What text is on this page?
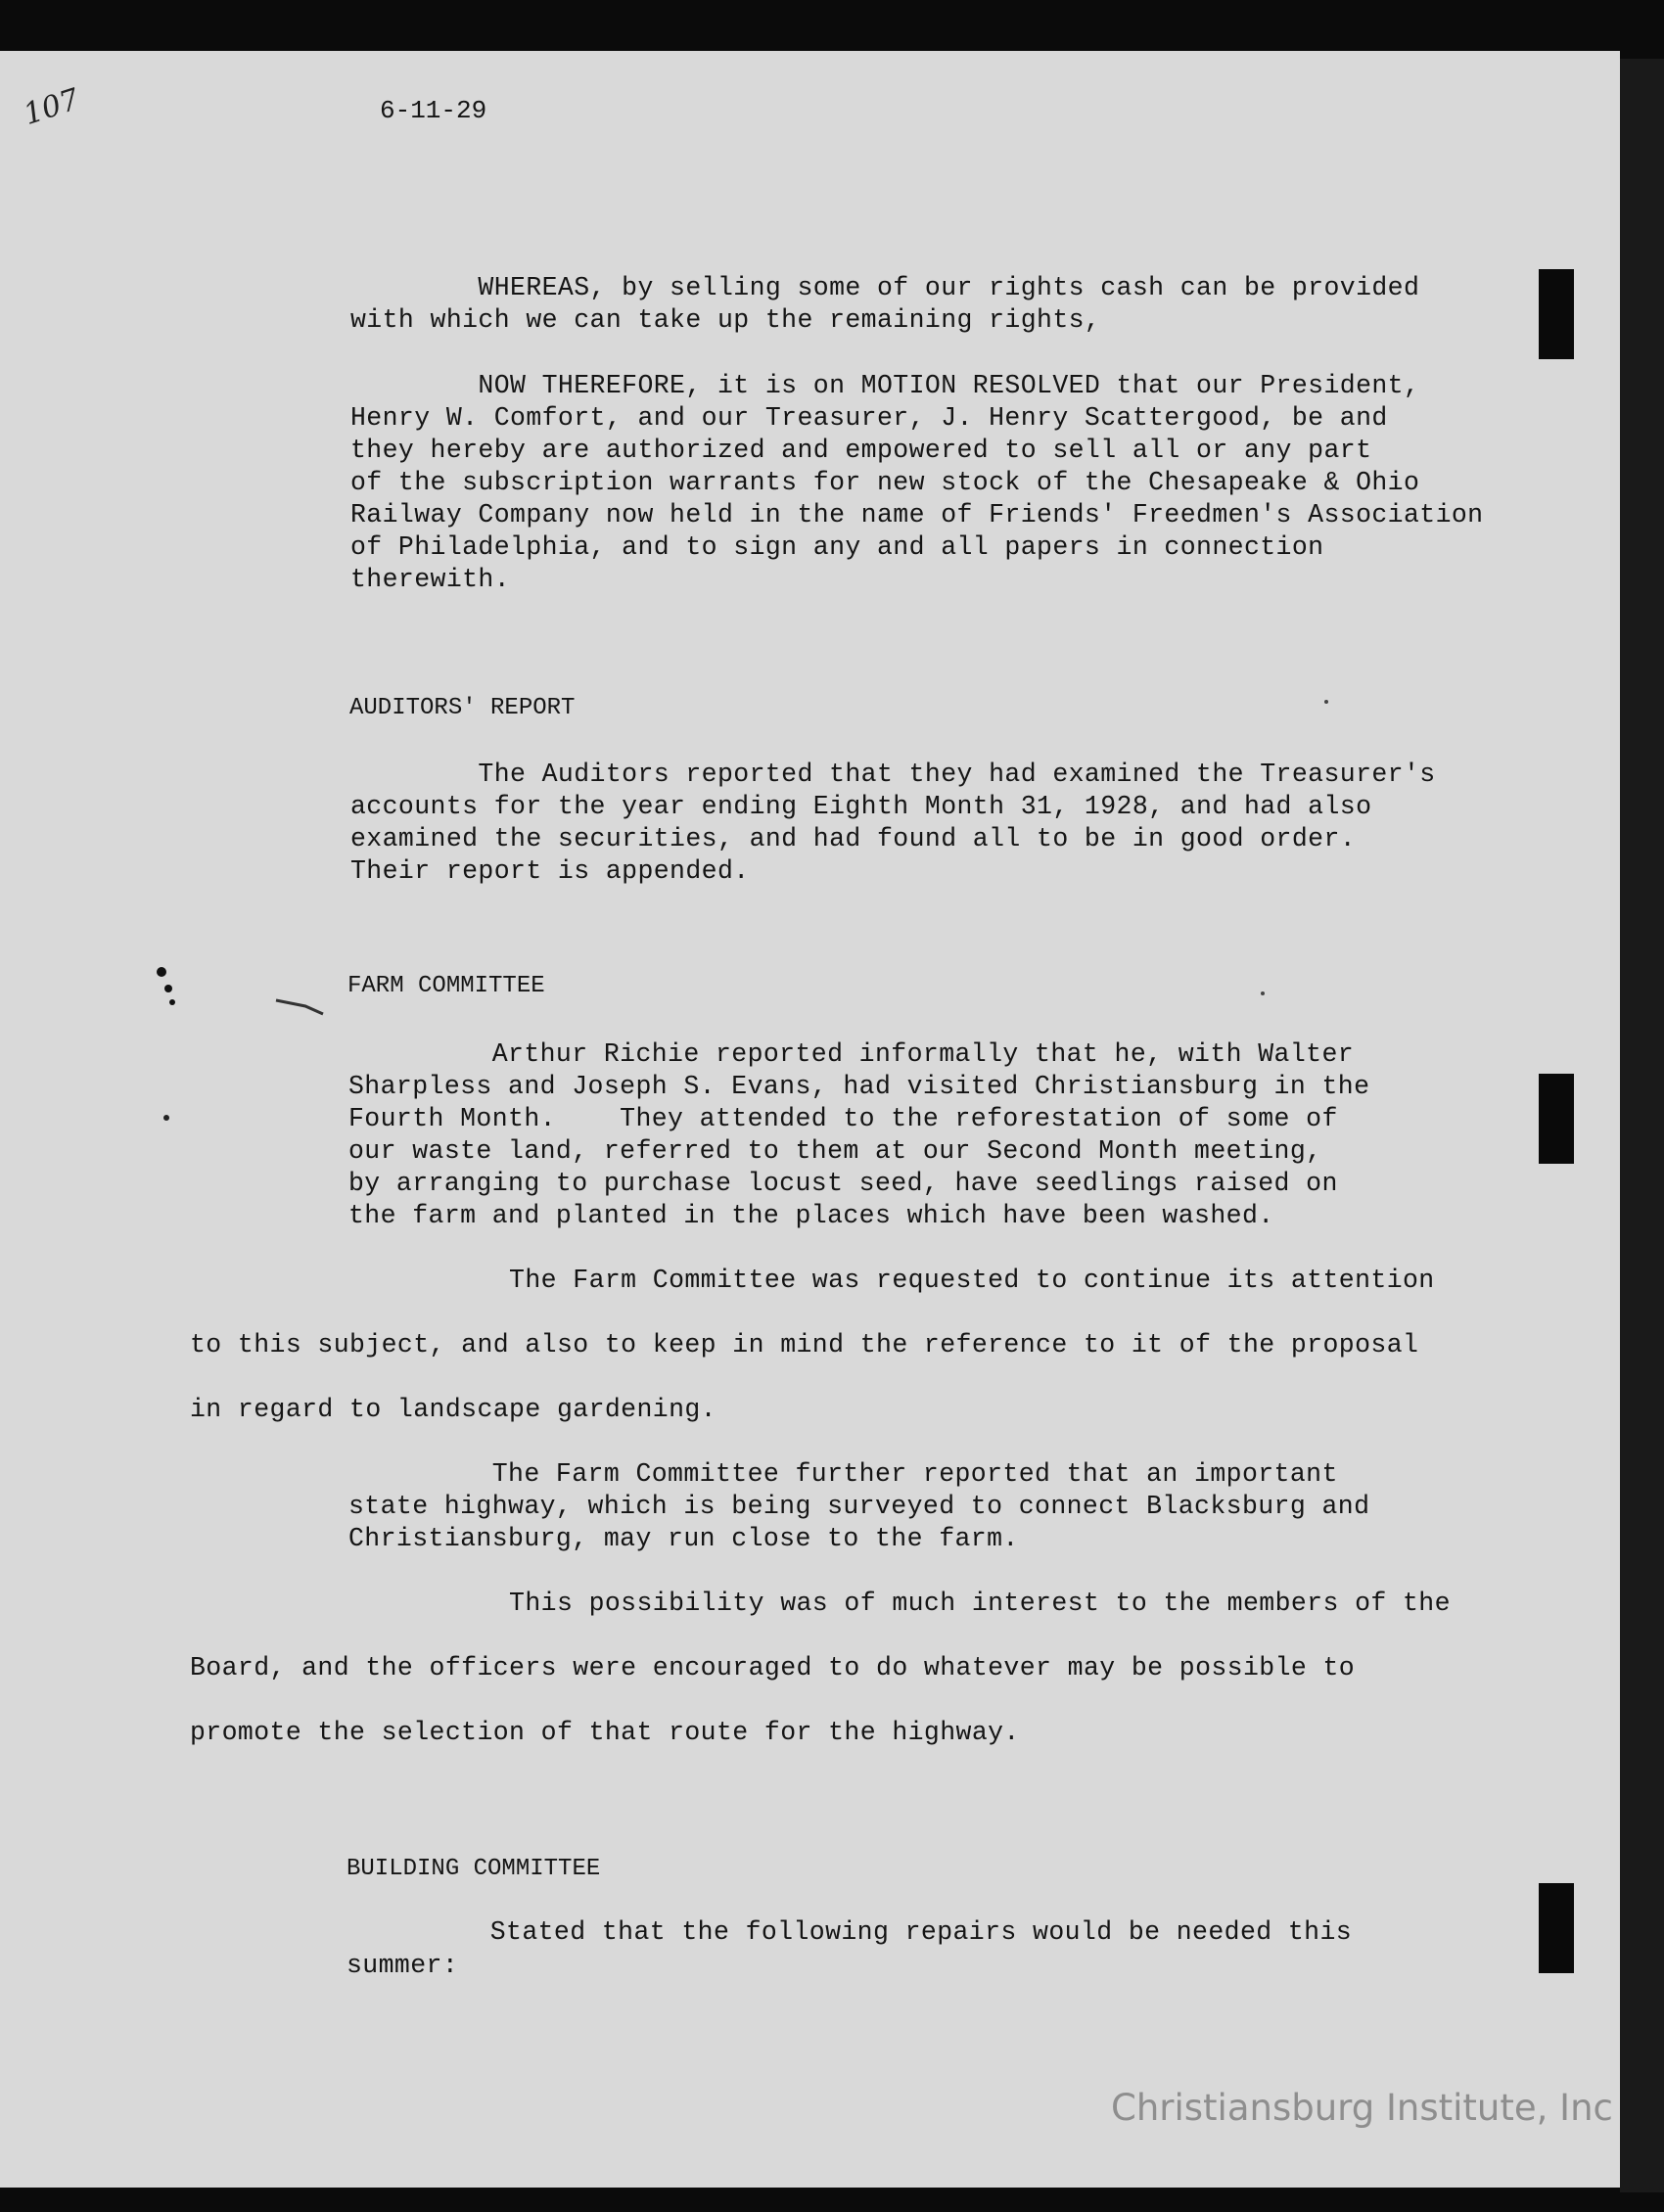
107	6-11-29
WHEREAS, by selling some of our rights cash can be provided
with which we can take up the remaining rights,
NOW THEREFORE, it is on MOTION RESOLVED that our President,
Henry W. Comfort, and our Treasurer, J. Henry Scattergood, be and
they hereby are authorized and empowered to sell all or any part
of the subscription warrants for new stock of the Chesapeake & Ohio
Railway Company now held in the name of Friends' Freedmen's Association
of Philadelphia, and to sign any and all papers in connection
therewith.
AUDITORS' REPORT
The Auditors reported that they had examined the Treasurer's
accounts for the year ending Eighth Month 31, 1928, and had also
examined the securities, and had found all to be in good order.
Their report is appended.
FARM COMMITTEE
Arthur Richie reported informally that he, with Walter
Sharpless and Joseph S. Evans, had visited Christiansburg in the
Fourth Month.    They attended to the reforestation of some of
our waste land, referred to them at our Second Month meeting,
by arranging to purchase locust seed, have seedlings raised on
the farm and planted in the places which have been washed.
The Farm Committee was requested to continue its attention
to this subject, and also to keep in mind the reference to it of the proposal
in regard to landscape gardening.
The Farm Committee further reported that an important
state highway, which is being surveyed to connect Blacksburg and
Christiansburg, may run close to the farm.
This possibility was of much interest to the members of the
Board, and the officers were encouraged to do whatever may be possible to
promote the selection of that route for the highway.
BUILDING COMMITTEE
Stated that the following repairs would be needed this
summer:
Christiansburg Institute, Inc
